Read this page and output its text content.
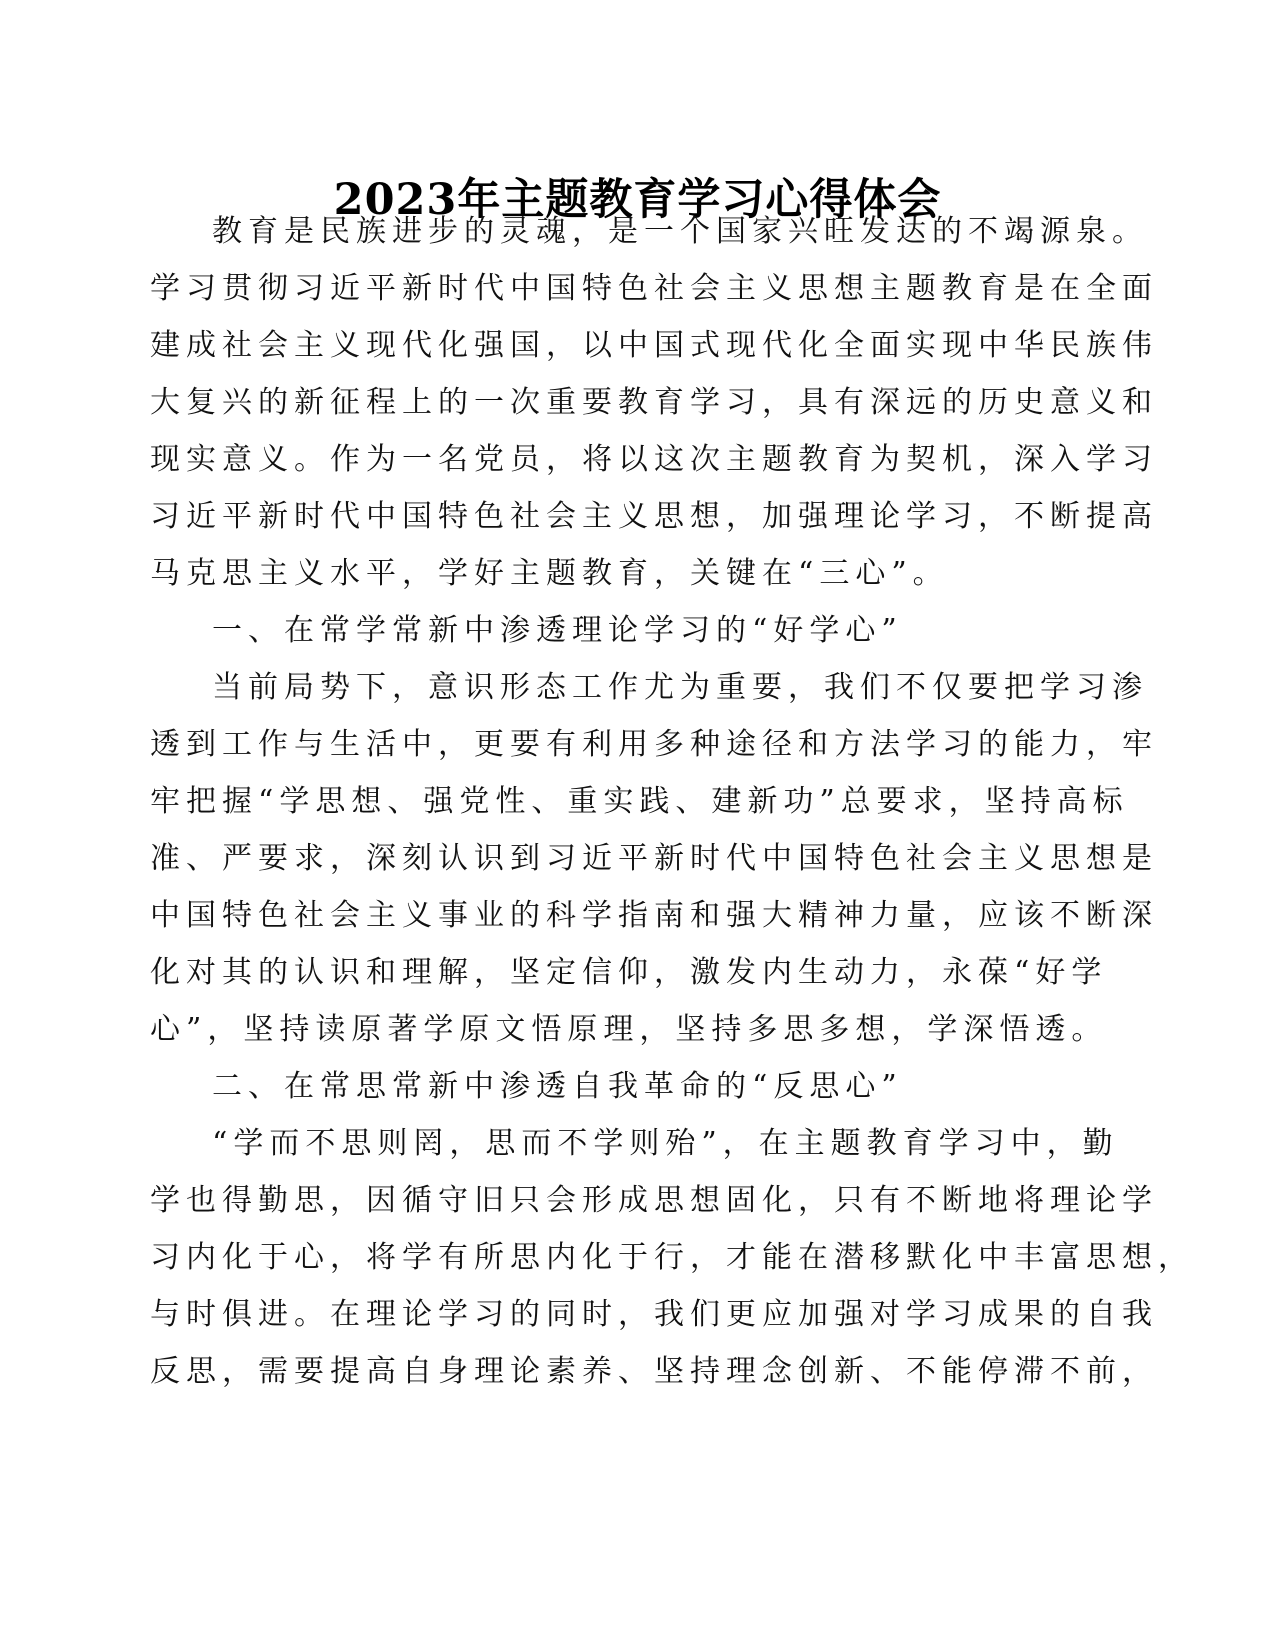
2023年主题教育学习心得体会
教育是民族进步的灵魂，是一个国家兴旺发达的不竭源泉。
学习贯彻习近平新时代中国特色社会主义思想主题教育是在全面
建成社会主义现代化强国，以中国式现代化全面实现中华民族伟
大复兴的新征程上的一次重要教育学习，具有深远的历史意义和
现实意义。作为一名党员，将以这次主题教育为契机，深入学习
习近平新时代中国特色社会主义思想，加强理论学习，不断提高
马克思主义水平，学好主题教育，关键在“三心”。
一、在常学常新中渗透理论学习的“好学心”
当前局势下，意识形态工作尤为重要，我们不仅要把学习渗
透到工作与生活中，更要有利用多种途径和方法学习的能力，牢
牢把握“学思想、强党性、重实践、建新功”总要求，坚持高标
准、严要求，深刻认识到习近平新时代中国特色社会主义思想是
中国特色社会主义事业的科学指南和强大精神力量，应该不断深
化对其的认识和理解，坚定信仰，激发内生动力，永葆“好学
心”，坚持读原著学原文悟原理，坚持多思多想，学深悟透。
二、在常思常新中渗透自我革命的“反思心”
“学而不思则罔，思而不学则殆”，在主题教育学习中，勤
学也得勤思，因循守旧只会形成思想固化，只有不断地将理论学
习内化于心，将学有所思内化于行，才能在潜移默化中丰富思想，
与时俱进。在理论学习的同时，我们更应加强对学习成果的自我
反思，需要提高自身理论素养、坚持理念创新、不能停滞不前，
